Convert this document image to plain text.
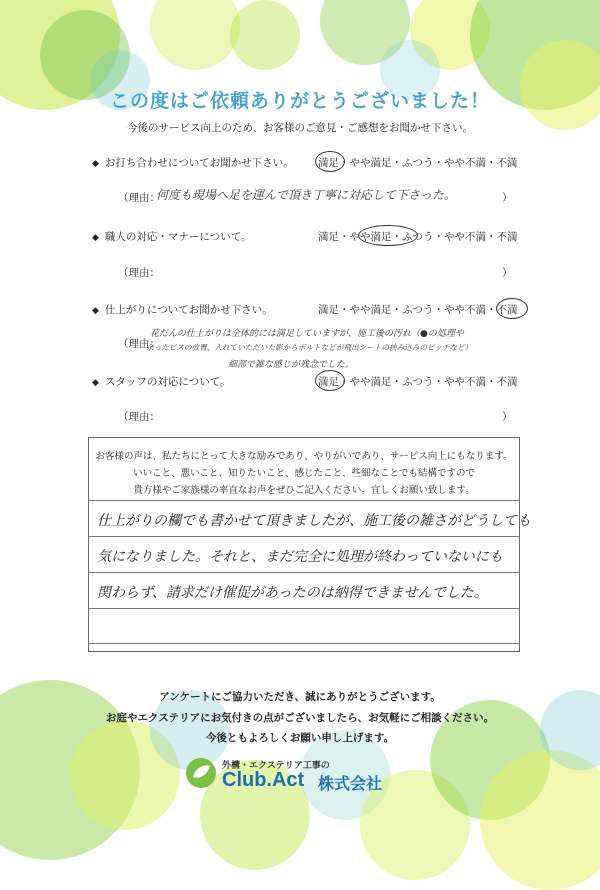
この度はご依頼ありがとうございました！
今後のサービス向上のため、お客様のご意見・ご感想をお聞かせ下さい。
◆ お打ち合わせについてお聞かせ下さい。 満足・やや満足・ふつう・やや不満・不満
（理由：
何度も現場へ足を運んで頂き丁寧に対応して下さった。	）
◆ 職人の対応・マナーについて。	満足・やや満足・ふつう・やや不満・不満
（理由：	）
◆ 仕上がりについてお聞かせ下さい。	満足・やや満足・ふつう・やや不満・不満
（理由：
花だんの仕上がりは全体的には満足していますが、施工後の汚れ（●の処理や
余ったビスの放置、入れていただいた影からボルトなどが飛出シートの挟み込みのピッチなど）
細部で雑な感じが残念でした。
◆ スタッフの対応について。	満足・やや満足・ふつう・やや不満・不満
（理由：	）
お客様の声は、私たちにとって大きな励みであり、やりがいであり、サービス向上にもなります。
いいこと、悪いこと、知りたいこと、感じたこと、些細なことでも結構ですので
貴方様やご家族様の率直なお声をぜひご記入ください。宜しくお願い致します。
仕上がりの欄でも書かせて頂きましたが、施工後の雑さがどうしても
気になりました。それと、まだ完全に処理が終わっていないにも
関わらず、請求だけ催促があったのは納得できませんでした。
アンケートにご協力いただき、誠にありがとうございます。
お庭やエクステリアにお気付きの点がございましたら、お気軽にご相談ください。
今後ともよろしくお願い申し上げます。
外構・エクステリア工事の
Club.Act 株式会社
